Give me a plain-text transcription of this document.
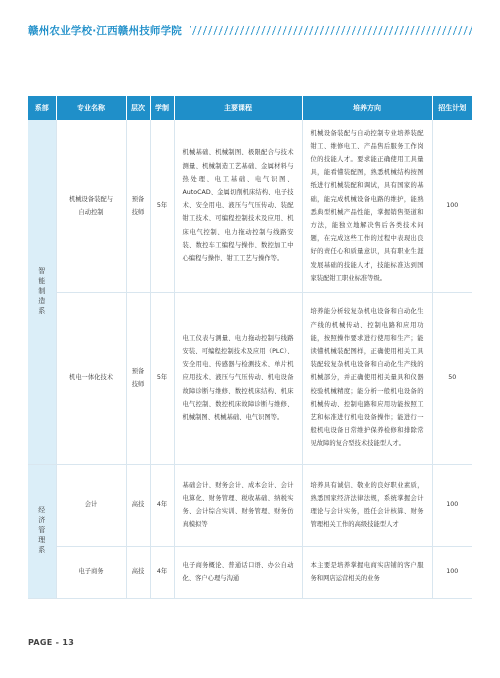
赣州农业学校·江西赣州技师学院
系部	专业名称	层次	学制	主要课程	培养方向	招生计划
智能制造系	机械设备装配与自动控制	预备技师	5年	机械基础、机械制图、极限配合与技术测量、机械制造工艺基础、金属材料与热处理、电工基础、电气识图、AutoCAD、金属切削机床结构、电子技术、安全用电、液压与气压传动、装配钳工技术、可编程控制技术及应用、机床电气控制、电力拖动控制与线路安装、数控车工编程与操作、数控加工中心编程与操作、钳工工艺与操作等。	机械设备装配与自动控制专业培养装配钳工、维修电工、产品售后服务工作岗位的技能人才。要求能正确使用工具量具，能看懂装配图，熟悉机械结构按图纸进行机械装配和调试，具有国家的基础，能完成机械设备电路的维护，能熟悉典型机械产品性能，掌握销售渠道和方法，能独立地解决售后各类技术问题，在完成这些工作的过程中表现出良好的责任心和质量意识，具有职业生涯发展基础的技能人才，技能标准达到国家装配钳工职业标准等级。	100
	机电一体化技术	预备技师	5年	电工仪表与测量、电力拖动控制与线路安装、可编程控制技术及应用（PLC）、安全用电、传感器与检测技术、单片机应用技术、液压与气压传动、机电设备故障诊断与维修、数控机床结构、机床电气控制、数控机床故障诊断与维修、机械制图、机械基础、电气识图等。	培养能分析较复杂机电设备和自动化生产线的机械传动、控制电路和应用功能，按照操作要求进行使用和生产；能读懂机械装配图样，正确使用相关工具装配较复杂机电设备和自动化生产线的机械部分，并正确使用相关量具和仪器校验机械精度；能分析一般机电设备的机械传动、控制电路和应用功能按照工艺和标准进行机电设备操作；能进行一般机电设备日常维护保养检修和排除常见故障的复合型技术技能型人才。	50
经济管理系	会计	高技	4年	基础会计、财务会计、成本会计、会计电算化、财务管理、税收基础、纳税实务、会计综合实训、财务管理、财务仿真模拟等	培养具有诚信、敬业的良好职业素质，熟悉国家经济法律法规，系统掌握会计理论与会计实务，胜任会计核算、财务管理相关工作的高级技能型人才	100
	电子商务	高技	4年	电子商务概论、普通话口语、办公自动化、客户心理与沟通	本主要是培养掌握电商实店铺的客户服务和网店运营相关的业务	100
PAGE - 13
